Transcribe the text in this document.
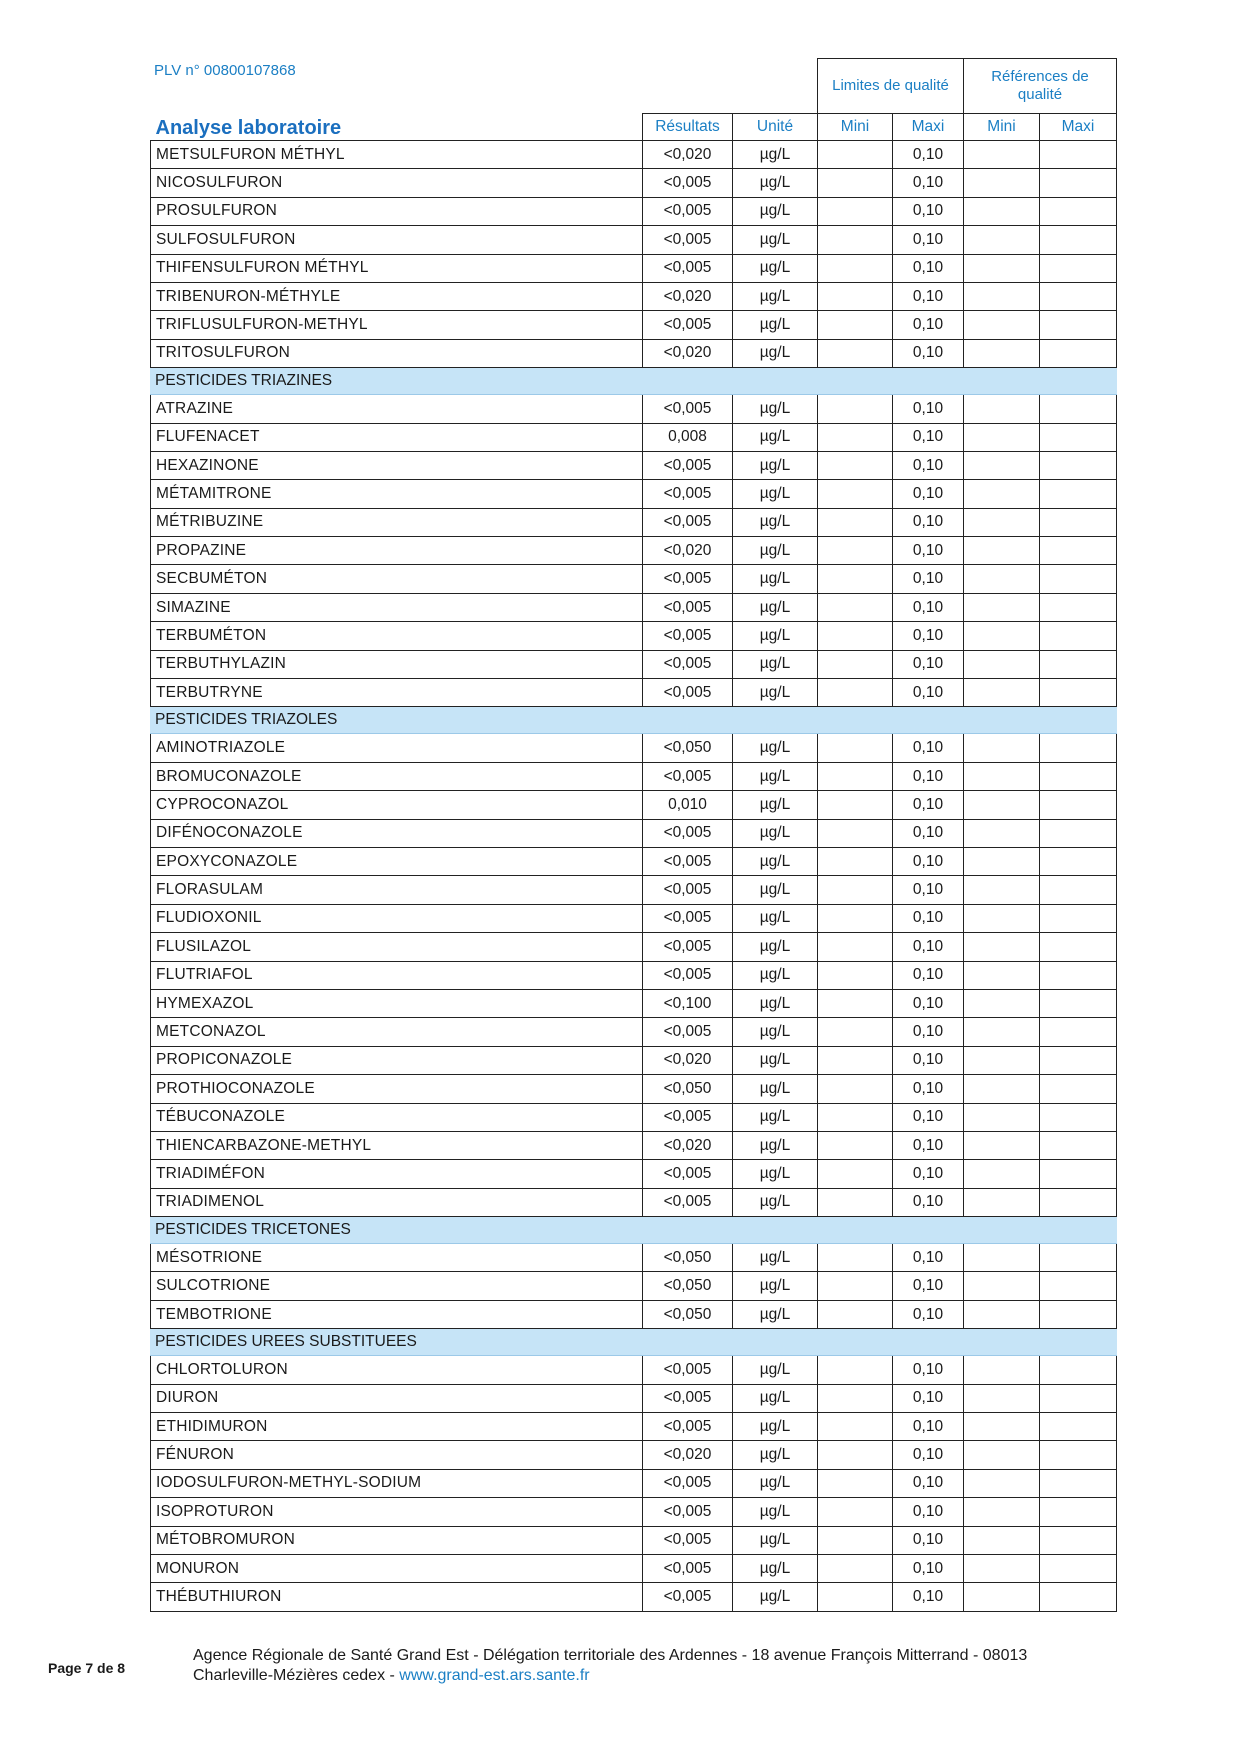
PLV n° 00800107868
			Limites de qualité		Références de qualité	
Analyse laboratoire	Résultats	Unité	Mini	Maxi	Mini	Maxi
METSULFURON MÉTHYL	<0,020	µg/L		0,10		
NICOSULFURON	<0,005	µg/L		0,10		
PROSULFURON	<0,005	µg/L		0,10		
SULFOSULFURON	<0,005	µg/L		0,10		
THIFENSULFURON MÉTHYL	<0,005	µg/L		0,10		
TRIBENURON-MÉTHYLE	<0,020	µg/L		0,10		
TRIFLUSULFURON-METHYL	<0,005	µg/L		0,10		
TRITOSULFURON	<0,020	µg/L		0,10		
PESTICIDES TRIAZINES						
ATRAZINE	<0,005	µg/L		0,10		
FLUFENACET	0,008	µg/L		0,10		
HEXAZINONE	<0,005	µg/L		0,10		
MÉTAMITRONE	<0,005	µg/L		0,10		
MÉTRIBUZINE	<0,005	µg/L		0,10		
PROPAZINE	<0,020	µg/L		0,10		
SECBUMÉTON	<0,005	µg/L		0,10		
SIMAZINE	<0,005	µg/L		0,10		
TERBUMÉTON	<0,005	µg/L		0,10		
TERBUTHYLAZIN	<0,005	µg/L		0,10		
TERBUTRYNE	<0,005	µg/L		0,10		
PESTICIDES TRIAZOLES						
AMINOTRIAZOLE	<0,050	µg/L		0,10		
BROMUCONAZOLE	<0,005	µg/L		0,10		
CYPROCONAZOL	0,010	µg/L		0,10		
DIFÉNOCONAZOLE	<0,005	µg/L		0,10		
EPOXYCONAZOLE	<0,005	µg/L		0,10		
FLORASULAM	<0,005	µg/L		0,10		
FLUDIOXONIL	<0,005	µg/L		0,10		
FLUSILAZOL	<0,005	µg/L		0,10		
FLUTRIAFOL	<0,005	µg/L		0,10		
HYMEXAZOL	<0,100	µg/L		0,10		
METCONAZOL	<0,005	µg/L		0,10		
PROPICONAZOLE	<0,020	µg/L		0,10		
PROTHIOCONAZOLE	<0,050	µg/L		0,10		
TÉBUCONAZOLE	<0,005	µg/L		0,10		
THIENCARBAZONE-METHYL	<0,020	µg/L		0,10		
TRIADIMÉFON	<0,005	µg/L		0,10		
TRIADIMENOL	<0,005	µg/L		0,10		
PESTICIDES TRICETONES						
MÉSOTRIONE	<0,050	µg/L		0,10		
SULCOTRIONE	<0,050	µg/L		0,10		
TEMBOTRIONE	<0,050	µg/L		0,10		
PESTICIDES UREES SUBSTITUEES						
CHLORTOLURON	<0,005	µg/L		0,10		
DIURON	<0,005	µg/L		0,10		
ETHIDIMURON	<0,005	µg/L		0,10		
FÉNURON	<0,020	µg/L		0,10		
IODOSULFURON-METHYL-SODIUM	<0,005	µg/L		0,10		
ISOPROTURON	<0,005	µg/L		0,10		
MÉTOBROMURON	<0,005	µg/L		0,10		
MONURON	<0,005	µg/L		0,10		
THÉBUTHIURON	<0,005	µg/L		0,10		
Page 7 de 8
Agence Régionale de Santé Grand Est - Délégation territoriale des Ardennes - 18 avenue François Mitterrand - 08013
Charleville-Mézières cedex - www.grand-est.ars.sante.fr
